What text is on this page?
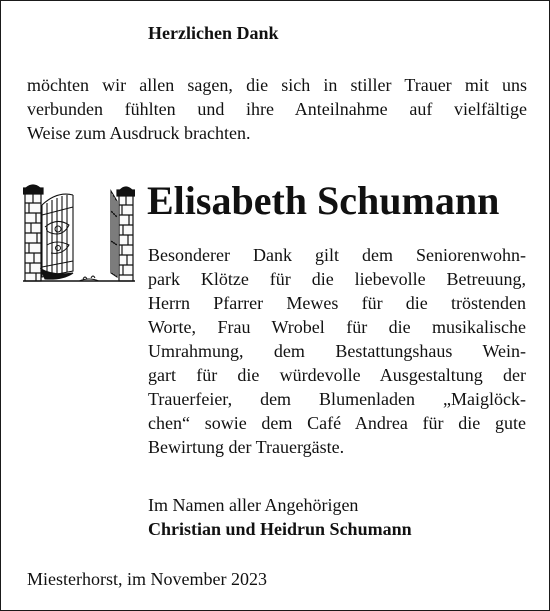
Herzlichen Dank

möchten wir allen sagen, die sich in stiller Trauer mit uns
verbunden fühlten und ihre Anteilnahme auf vielfältige
Weise zum Ausdruck brachten.

Elisabeth Schumann

Besonderer Dank gilt dem Seniorenwohn-
park Klötze für die liebevolle Betreuung,
Herrn Pfarrer Mewes für die tröstenden
Worte, Frau Wrobel für die musikalische
Umrahmung, dem Bestattungshaus Wein-
gart für die würdevolle Ausgestaltung der
Trauerfeier, dem Blumenladen „Maiglöck-
chen“ sowie dem Café Andrea für die gute
Bewirtung der Trauergäste.

Im Namen aller Angehörigen

Christian und Heidrun Schumann

Miesterhorst, im November 2023
